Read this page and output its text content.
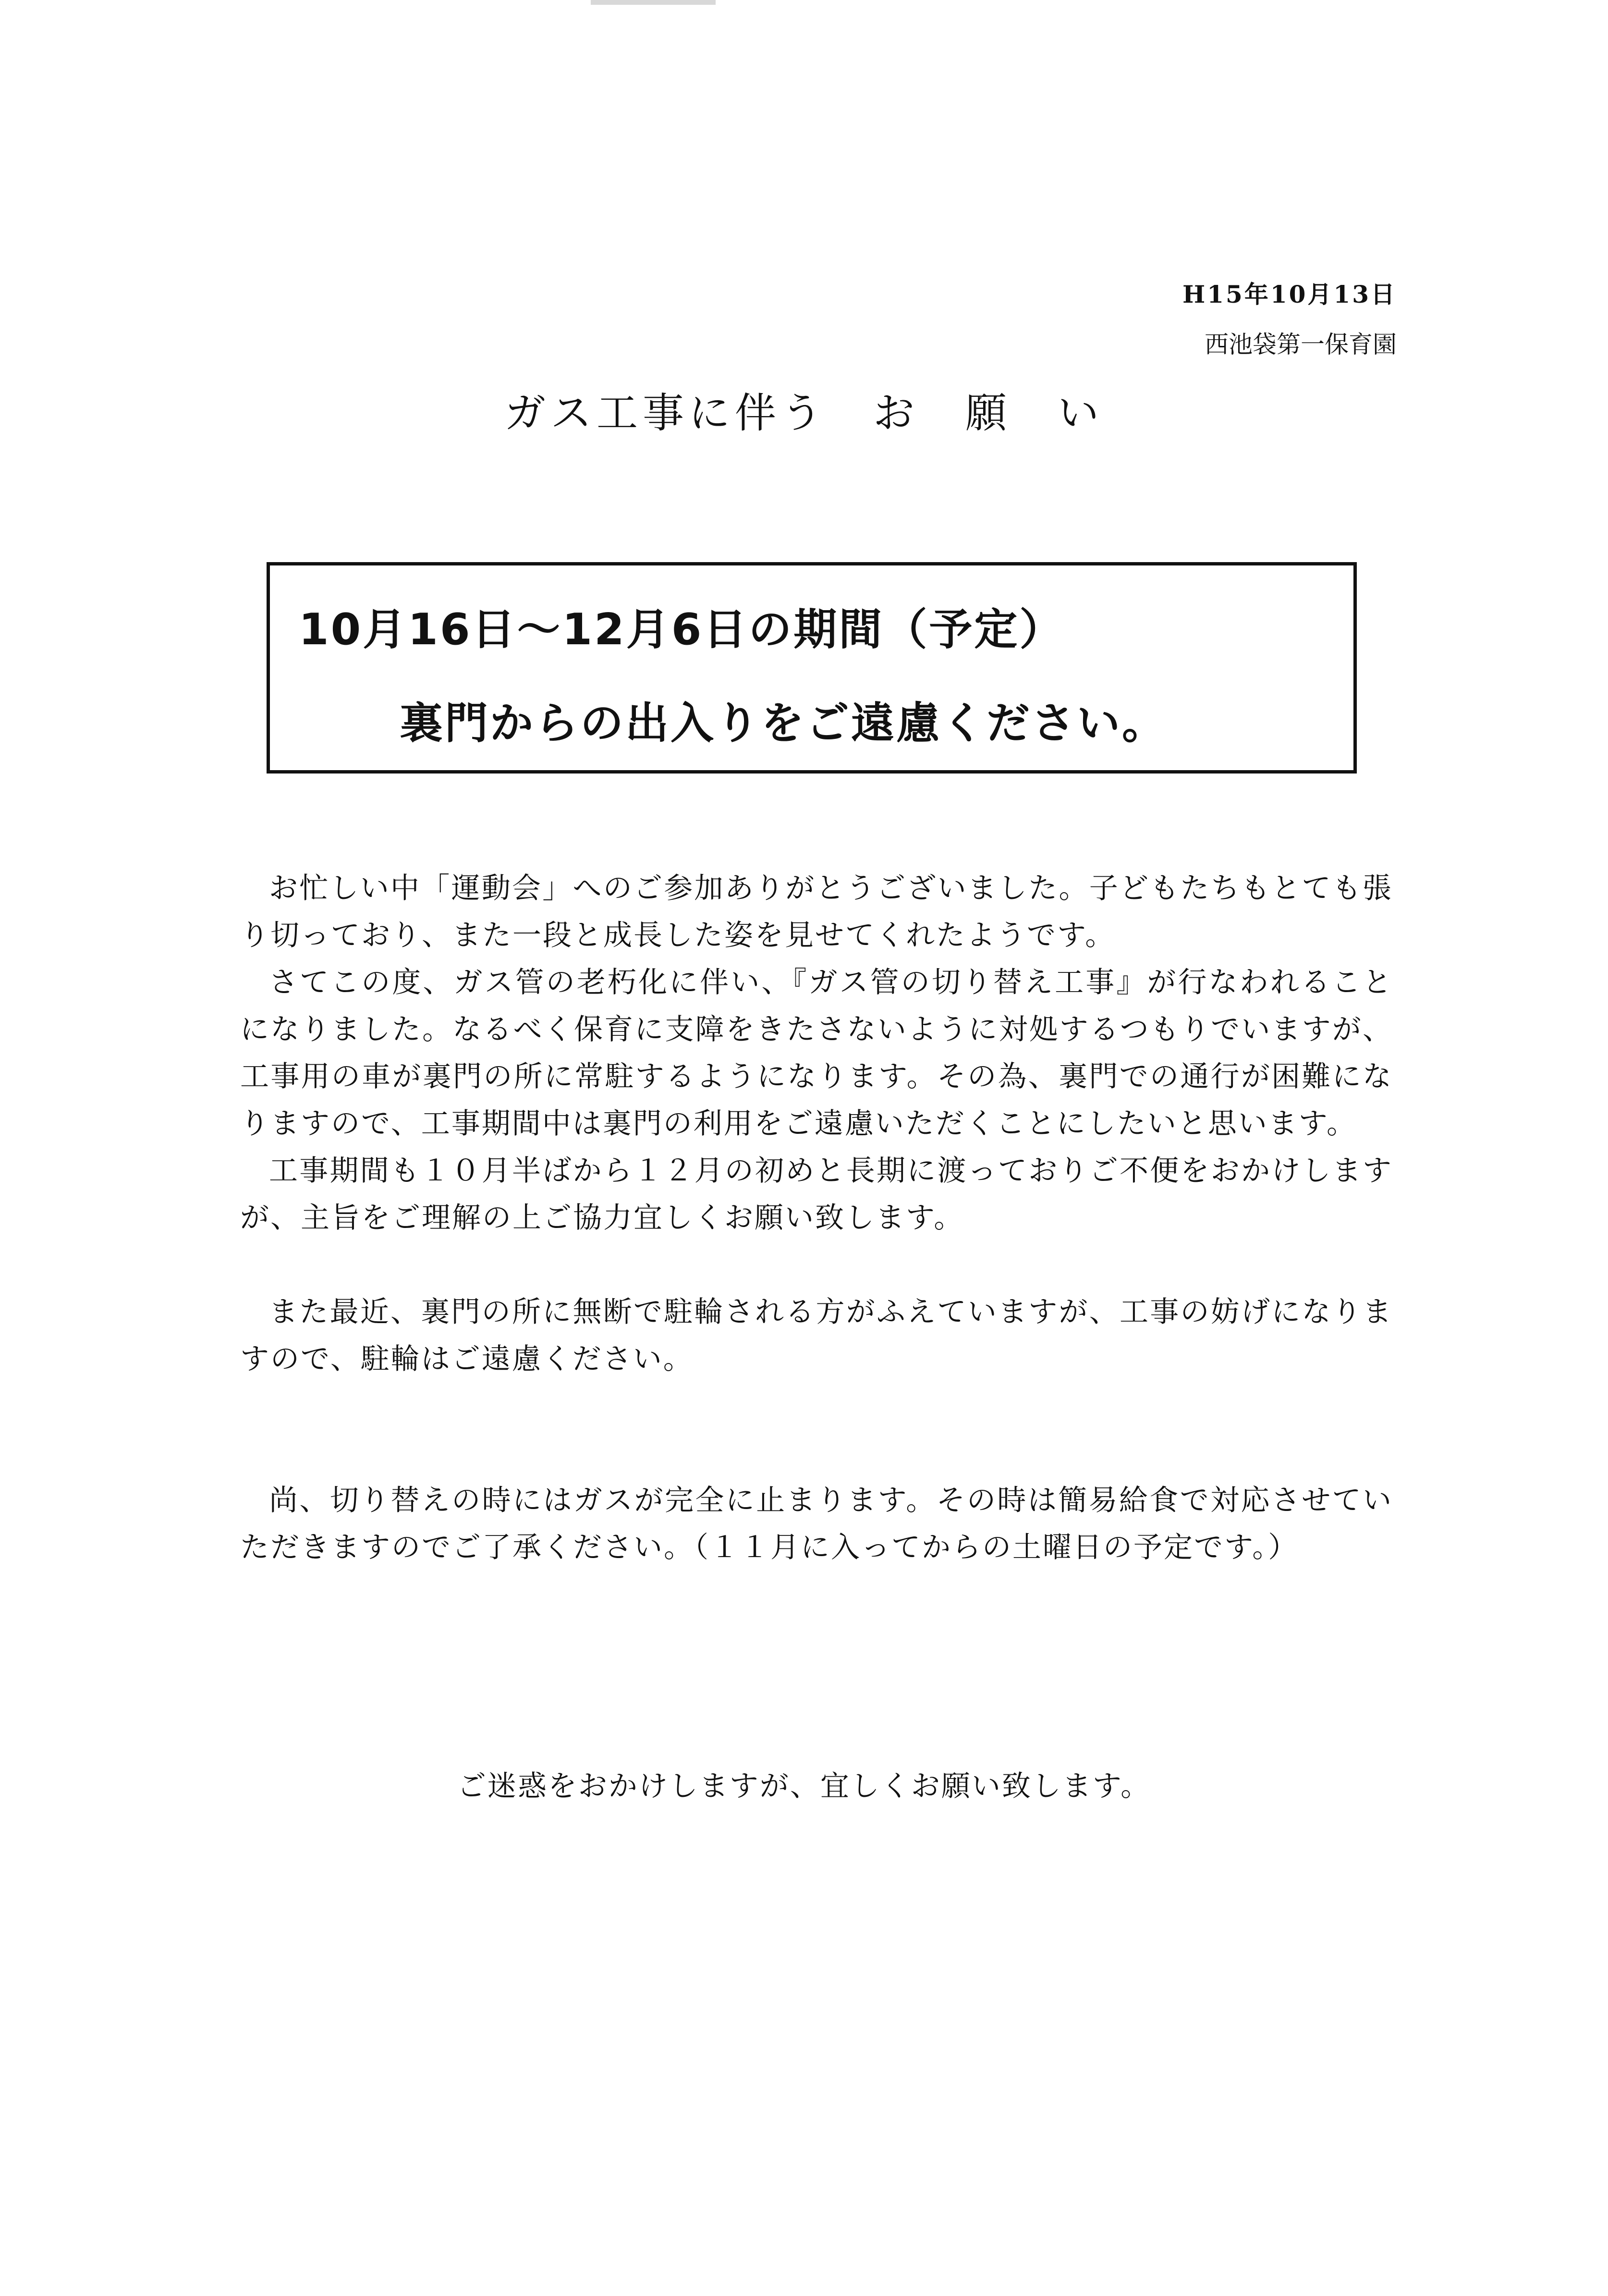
H15年10月13日
西池袋第一保育園
ガス工事に伴う　お　願　い
10月16日～12月6日の期間（予定）
裏門からの出入りをご遠慮ください。

お忙しい中「運動会」へのご参加ありがとうございました。子どもたちもとても張り切っており、また一段と成長した姿を見せてくれたようです。

さてこの度、ガス管の老朽化に伴い、『ガス管の切り替え工事』が行なわれることになりました。なるべく保育に支障をきたさないように対処するつもりでいますが、工事用の車が裏門の所に常駐するようになります。その為、裏門での通行が困難になりますので、工事期間中は裏門の利用をご遠慮いただくことにしたいと思います。

工事期間も１０月半ばから１２月の初めと長期に渡っておりご不便をおかけしますが、主旨をご理解の上ご協力宜しくお願い致します。

また最近、裏門の所に無断で駐輪される方がふえていますが、工事の妨げになりますので、駐輪はご遠慮ください。

尚、切り替えの時にはガスが完全に止まります。その時は簡易給食で対応させていただきますのでご了承ください。（１１月に入ってからの土曜日の予定です。）

ご迷惑をおかけしますが、宜しくお願い致します。
